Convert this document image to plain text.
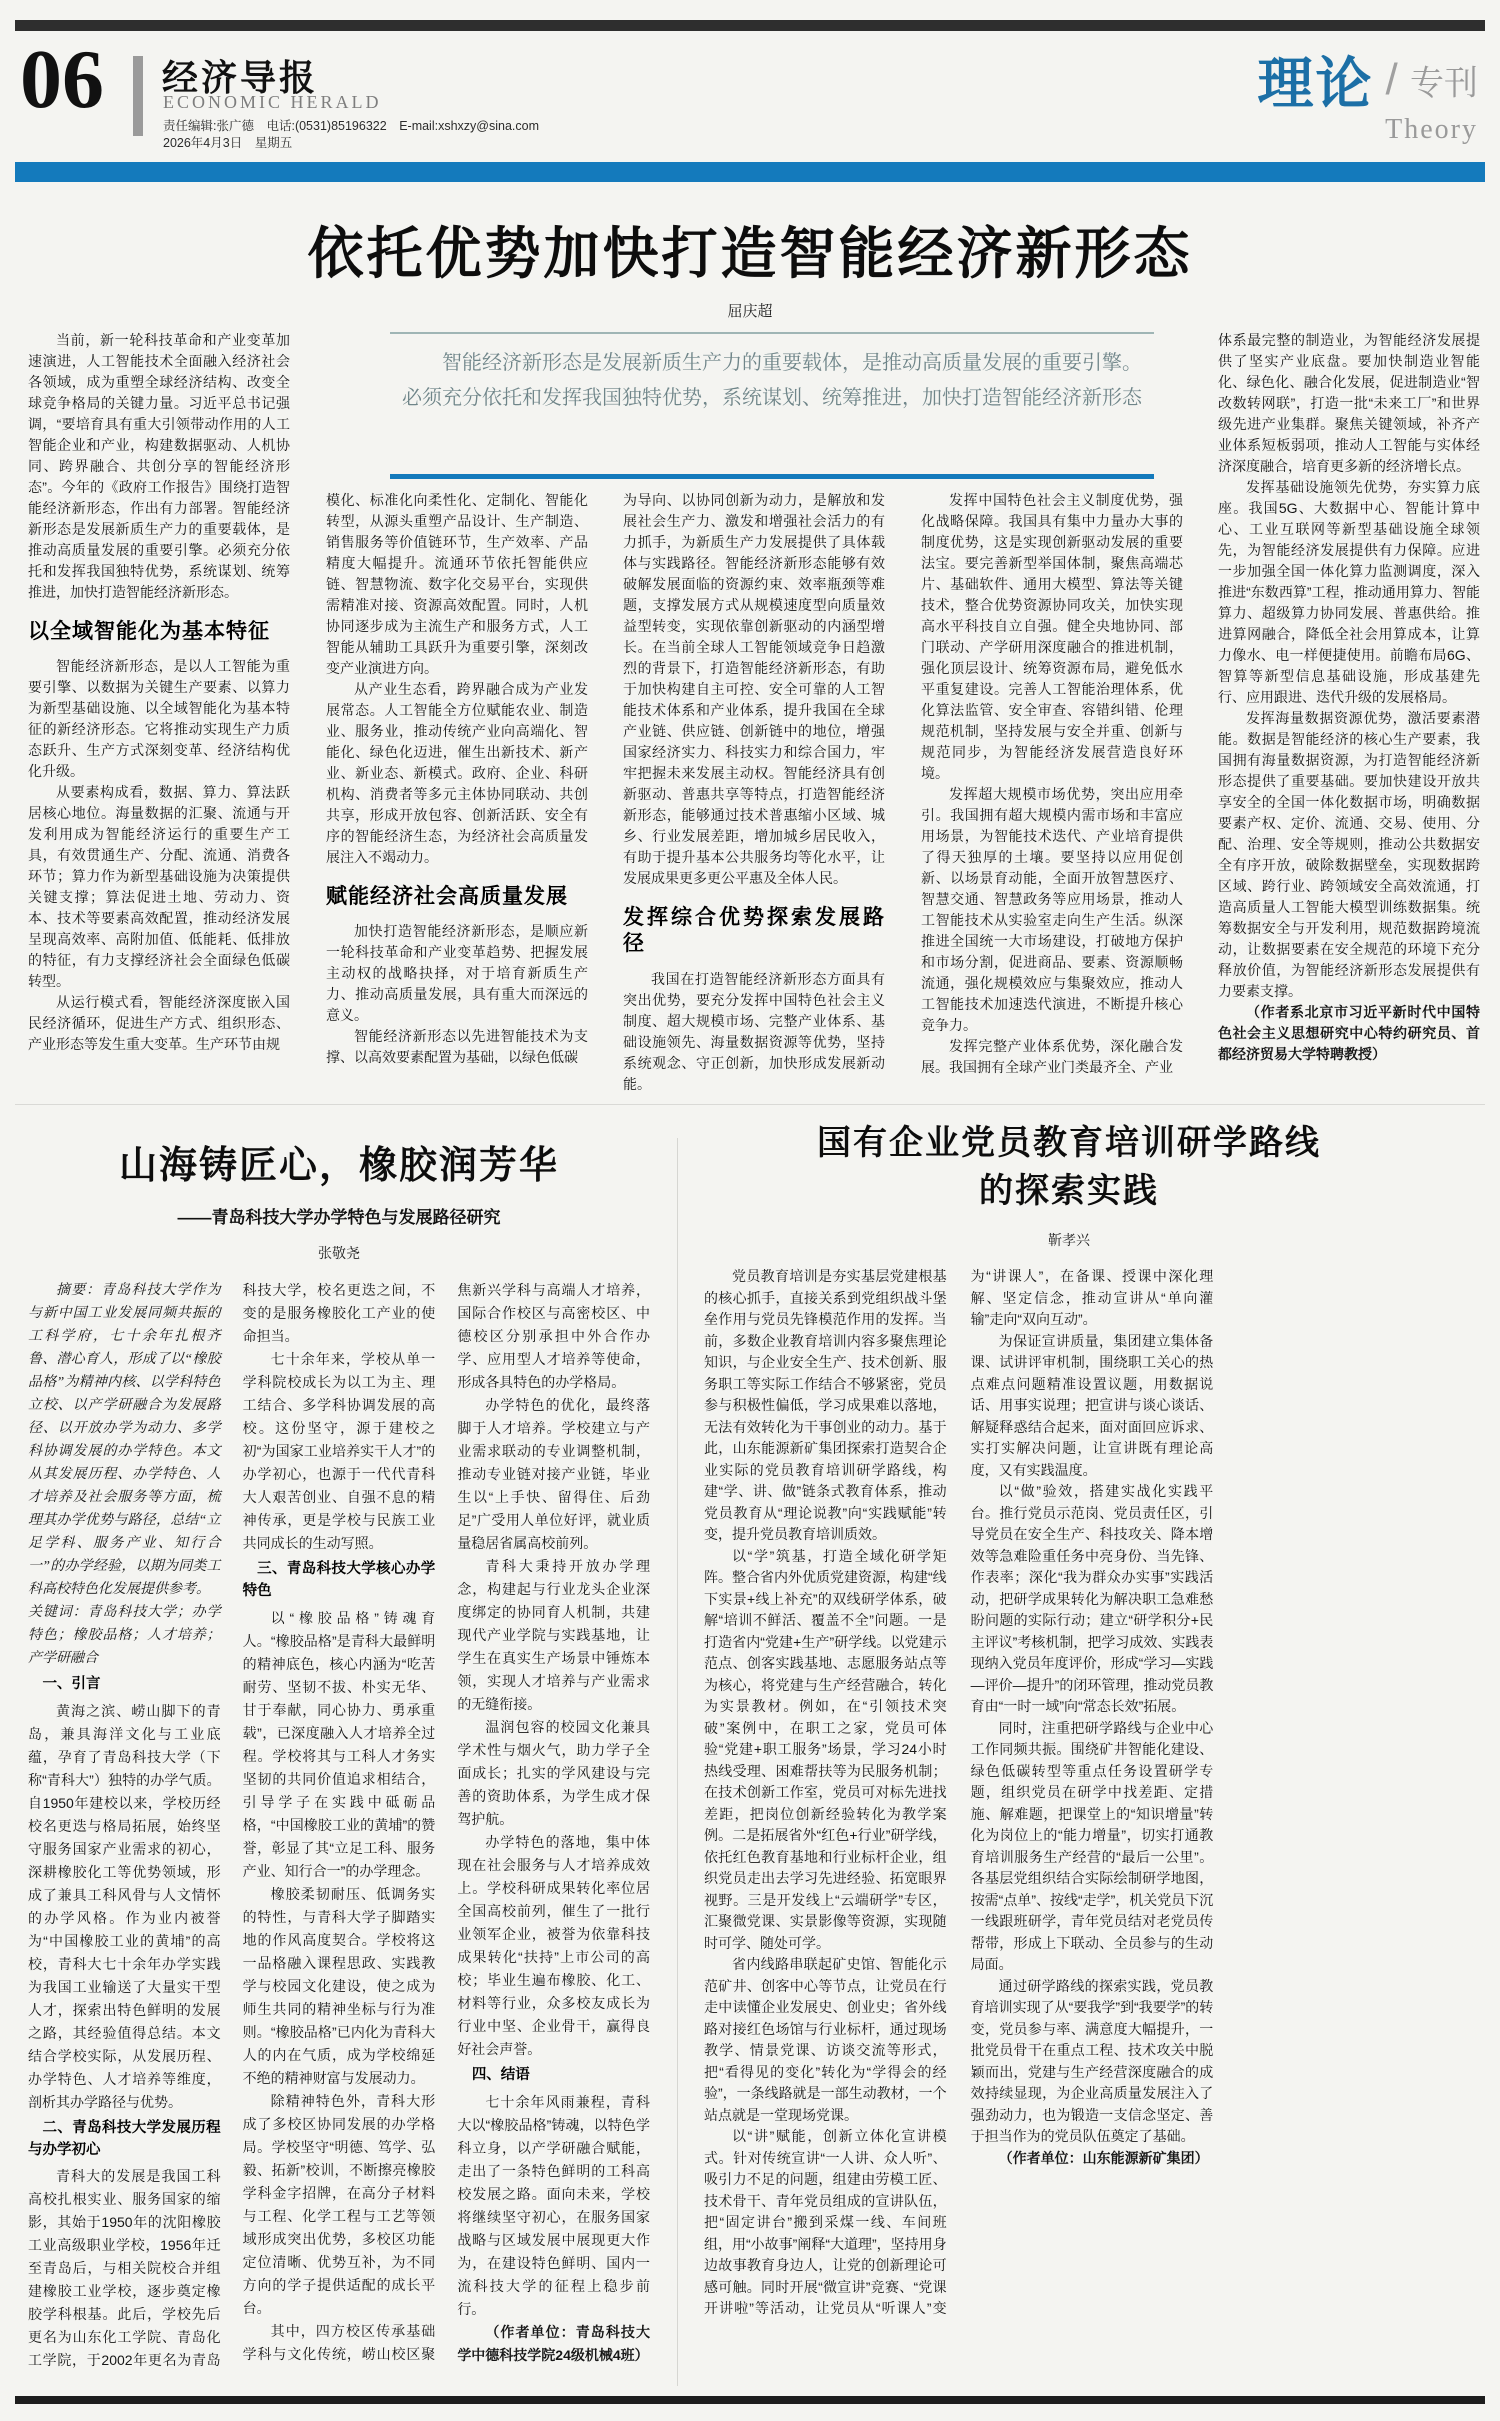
06 经济导报
ECONOMIC HERALD
责任编辑:张广德　电话:(0531)85196322　E-mail:xshxzy@sina.com
2026年4月3日　星期五
理论 / 专刊
Theory
依托优势加快打造智能经济新形态
屈庆超

当前，新一轮科技革命和产业变革加速演进，人工智能技术全面融入经济社会各领域，成为重塑全球经济结构、改变全球竞争格局的关键力量。习近平总书记强调，“要培育具有重大引领带动作用的人工智能企业和产业，构建数据驱动、人机协同、跨界融合、共创分享的智能经济形态”。今年的《政府工作报告》围绕打造智能经济新形态，作出有力部署。智能经济新形态是发展新质生产力的重要载体，是推动高质量发展的重要引擎。必须充分依托和发挥我国独特优势，系统谋划、统筹推进，加快打造智能经济新形态。

以全域智能化为基本特征

智能经济新形态，是以人工智能为重要引擎、以数据为关键生产要素、以算力为新型基础设施、以全域智能化为基本特征的新经济形态。它将推动实现生产力质态跃升、生产方式深刻变革、经济结构优化升级。

从要素构成看，数据、算力、算法跃居核心地位。海量数据的汇聚、流通与开发利用成为智能经济运行的重要生产工具，有效贯通生产、分配、流通、消费各环节；算力作为新型基础设施为决策提供关键支撑；算法促进土地、劳动力、资本、技术等要素高效配置，推动经济发展呈现高效率、高附加值、低能耗、低排放的特征，有力支撑经济社会全面绿色低碳转型。

从运行模式看，智能经济深度嵌入国民经济循环，促进生产方式、组织形态、产业形态等发生重大变革。生产环节由规

智能经济新形态是发展新质生产力的重要载体，是推动高质量发展的重要引擎。必须充分依托和发挥我国独特优势，系统谋划、统筹推进，加快打造智能经济新形态

模化、标准化向柔性化、定制化、智能化转型，从源头重塑产品设计、生产制造、销售服务等价值链环节，生产效率、产品精度大幅提升。流通环节依托智能供应链、智慧物流、数字化交易平台，实现供需精准对接、资源高效配置。同时，人机协同逐步成为主流生产和服务方式，人工智能从辅助工具跃升为重要引擎，深刻改变产业演进方向。

从产业生态看，跨界融合成为产业发展常态。人工智能全方位赋能农业、制造业、服务业，推动传统产业向高端化、智能化、绿色化迈进，催生出新技术、新产业、新业态、新模式。政府、企业、科研机构、消费者等多元主体协同联动、共创共享，形成开放包容、创新活跃、安全有序的智能经济生态，为经济社会高质量发展注入不竭动力。

赋能经济社会高质量发展

加快打造智能经济新形态，是顺应新一轮科技革命和产业变革趋势、把握发展主动权的战略抉择，对于培育新质生产力、推动高质量发展，具有重大而深远的意义。

智能经济新形态以先进智能技术为支撑、以高效要素配置为基础，以绿色低碳

为导向、以协同创新为动力，是解放和发展社会生产力、激发和增强社会活力的有力抓手，为新质生产力发展提供了具体载体与实践路径。智能经济新形态能够有效破解发展面临的资源约束、效率瓶颈等难题，支撑发展方式从规模速度型向质量效益型转变，实现依靠创新驱动的内涵型增长。在当前全球人工智能领域竞争日趋激烈的背景下，打造智能经济新形态，有助于加快构建自主可控、安全可靠的人工智能技术体系和产业体系，提升我国在全球产业链、供应链、创新链中的地位，增强国家经济实力、科技实力和综合国力，牢牢把握未来发展主动权。智能经济具有创新驱动、普惠共享等特点，打造智能经济新形态，能够通过技术普惠缩小区域、城乡、行业发展差距，增加城乡居民收入，有助于提升基本公共服务均等化水平，让发展成果更多更公平惠及全体人民。

发挥综合优势探索发展路径

我国在打造智能经济新形态方面具有突出优势，要充分发挥中国特色社会主义制度、超大规模市场、完整产业体系、基础设施领先、海量数据资源等优势，坚持系统观念、守正创新，加快形成发展新动能。

发挥中国特色社会主义制度优势，强化战略保障。我国具有集中力量办大事的制度优势，这是实现创新驱动发展的重要法宝。要完善新型举国体制，聚焦高端芯片、基础软件、通用大模型、算法等关键技术，整合优势资源协同攻关，加快实现高水平科技自立自强。健全央地协同、部门联动、产学研用深度融合的推进机制，强化顶层设计、统筹资源布局，避免低水平重复建设。完善人工智能治理体系，优化算法监管、安全审查、容错纠错、伦理规范机制，坚持发展与安全并重、创新与规范同步，为智能经济发展营造良好环境。

发挥超大规模市场优势，突出应用牵引。我国拥有超大规模内需市场和丰富应用场景，为智能技术迭代、产业培育提供了得天独厚的土壤。要坚持以应用促创新、以场景育动能，全面开放智慧医疗、智慧交通、智慧政务等应用场景，推动人工智能技术从实验室走向生产生活。纵深推进全国统一大市场建设，打破地方保护和市场分割，促进商品、要素、资源顺畅流通，强化规模效应与集聚效应，推动人工智能技术加速迭代演进，不断提升核心竞争力。

发挥完整产业体系优势，深化融合发展。我国拥有全球产业门类最齐全、产业

体系最完整的制造业，为智能经济发展提供了坚实产业底盘。要加快制造业智能化、绿色化、融合化发展，促进制造业“智改数转网联”，打造一批“未来工厂”和世界级先进产业集群。聚焦关键领域，补齐产业体系短板弱项，推动人工智能与实体经济深度融合，培育更多新的经济增长点。

发挥基础设施领先优势，夯实算力底座。我国5G、大数据中心、智能计算中心、工业互联网等新型基础设施全球领先，为智能经济发展提供有力保障。应进一步加强全国一体化算力监测调度，深入推进“东数西算”工程，推动通用算力、智能算力、超级算力协同发展、普惠供给。推进算网融合，降低全社会用算成本，让算力像水、电一样便捷使用。前瞻布局6G、智算等新型信息基础设施，形成基建先行、应用跟进、迭代升级的发展格局。

发挥海量数据资源优势，激活要素潜能。数据是智能经济的核心生产要素，我国拥有海量数据资源，为打造智能经济新形态提供了重要基础。要加快建设开放共享安全的全国一体化数据市场，明确数据要素产权、定价、流通、交易、使用、分配、治理、安全等规则，推动公共数据安全有序开放，破除数据壁垒，实现数据跨区域、跨行业、跨领域安全高效流通，打造高质量人工智能大模型训练数据集。统筹数据安全与开发利用，规范数据跨境流动，让数据要素在安全规范的环境下充分释放价值，为智能经济新形态发展提供有力要素支撑。

（作者系北京市习近平新时代中国特色社会主义思想研究中心特约研究员、首都经济贸易大学特聘教授）

山海铸匠心，橡胶润芳华
——青岛科技大学办学特色与发展路径研究
张敬尧

摘要：青岛科技大学作为与新中国工业发展同频共振的工科学府，七十余年扎根齐鲁、潜心育人，形成了以“橡胶品格”为精神内核、以学科特色立校、以产学研融合为发展路径、以开放办学为动力、多学科协调发展的办学特色。本文从其发展历程、办学特色、人才培养及社会服务等方面，梳理其办学优势与路径，总结“立足学科、服务产业、知行合一”的办学经验，以期为同类工科高校特色化发展提供参考。

关键词：青岛科技大学；办学特色；橡胶品格；人才培养；产学研融合

一、引言

黄海之滨、崂山脚下的青岛，兼具海洋文化与工业底蕴，孕育了青岛科技大学（下称“青科大”）独特的办学气质。自1950年建校以来，学校历经校名更迭与格局拓展，始终坚守服务国家产业需求的初心，深耕橡胶化工等优势领域，形成了兼具工科风骨与人文情怀的办学风格。作为业内被誉为“中国橡胶工业的黄埔”的高校，青科大七十余年办学实践为我国工业输送了大量实干型人才，探索出特色鲜明的发展之路，其经验值得总结。本文结合学校实际，从发展历程、办学特色、人才培养等维度，剖析其办学路径与优势。

二、青岛科技大学发展历程与办学初心

青科大的发展是我国工科高校扎根实业、服务国家的缩影，其始于1950年的沈阳橡胶工业高级职业学校，1956年迁至青岛后，与相关院校合并组建橡胶工业学校，逐步奠定橡胶学科根基。此后，学校先后更名为山东化工学院、青岛化工学院，于2002年更名为青岛科技大学，校名更迭之间，不变的是服务橡胶化工产业的使命担当。

七十余年来，学校从单一学科院校成长为以工为主、理工结合、多学科协调发展的高校。这份坚守，源于建校之初“为国家工业培养实干人才”的办学初心，也源于一代代青科大人艰苦创业、自强不息的精神传承，更是学校与民族工业共同成长的生动写照。

三、青岛科技大学核心办学特色

以“橡胶品格”铸魂育人。“橡胶品格”是青科大最鲜明的精神底色，核心内涵为“吃苦耐劳、坚韧不拔、朴实无华、甘于奉献，同心协力、勇承重载”，已深度融入人才培养全过程。学校将其与工科人才务实坚韧的共同价值追求相结合，引导学子在实践中砥砺品格，“中国橡胶工业的黄埔”的赞誉，彰显了其“立足工科、服务产业、知行合一”的办学理念。

橡胶柔韧耐压、低调务实的特性，与青科大学子脚踏实地的作风高度契合。学校将这一品格融入课程思政、实践教学与校园文化建设，使之成为师生共同的精神坐标与行为准则。“橡胶品格”已内化为青科大人的内在气质，成为学校绵延不绝的精神财富与发展动力。

除精神特色外，青科大形成了多校区协同发展的办学格局。学校坚守“明德、笃学、弘毅、拓新”校训，不断擦亮橡胶学科金字招牌，在高分子材料与工程、化学工程与工艺等领域形成突出优势，多校区功能定位清晰、优势互补，为不同方向的学子提供适配的成长平台。

其中，四方校区传承基础学科与文化传统，崂山校区聚焦新兴学科与高端人才培养，国际合作校区与高密校区、中德校区分别承担中外合作办学、应用型人才培养等使命，形成各具特色的办学格局。

办学特色的优化，最终落脚于人才培养。学校建立与产业需求联动的专业调整机制，推动专业链对接产业链，毕业生以“上手快、留得住、后劲足”广受用人单位好评，就业质量稳居省属高校前列。

青科大秉持开放办学理念，构建起与行业龙头企业深度绑定的协同育人机制，共建现代产业学院与实践基地，让学生在真实生产场景中锤炼本领，实现人才培养与产业需求的无缝衔接。

温润包容的校园文化兼具学术性与烟火气，助力学子全面成长；扎实的学风建设与完善的资助体系，为学生成才保驾护航。

办学特色的落地，集中体现在社会服务与人才培养成效上。学校科研成果转化率位居全国高校前列，催生了一批行业领军企业，被誉为依靠科技成果转化“扶持”上市公司的高校；毕业生遍布橡胶、化工、材料等行业，众多校友成长为行业中坚、企业骨干，赢得良好社会声誉。

四、结语

七十余年风雨兼程，青科大以“橡胶品格”铸魂，以特色学科立身，以产学研融合赋能，走出了一条特色鲜明的工科高校发展之路。面向未来，学校将继续坚守初心，在服务国家战略与区域发展中展现更大作为，在建设特色鲜明、国内一流科技大学的征程上稳步前行。

（作者单位：青岛科技大学中德科技学院24级机械4班）

国有企业党员教育培训研学路线
的探索实践
靳孝兴

党员教育培训是夯实基层党建根基的核心抓手，直接关系到党组织战斗堡垒作用与党员先锋模范作用的发挥。当前，多数企业教育培训内容多聚焦理论知识，与企业安全生产、技术创新、服务职工等实际工作结合不够紧密，党员参与积极性偏低，学习成果难以落地，无法有效转化为干事创业的动力。基于此，山东能源新矿集团探索打造契合企业实际的党员教育培训研学路线，构建“学、讲、做”链条式教育体系，推动党员教育从“理论说教”向“实践赋能”转变，提升党员教育培训质效。

以“学”筑基，打造全域化研学矩阵。整合省内外优质党建资源，构建“线下实景+线上补充”的双线研学体系，破解“培训不鲜活、覆盖不全”问题。一是打造省内“党建+生产”研学线。以党建示范点、创客实践基地、志愿服务站点等为核心，将党建与生产经营融合，转化为实景教材。例如，在“引领技术突破”案例中，在职工之家，党员可体验“党建+职工服务”场景，学习24小时热线受理、困难帮扶等为民服务机制；在技术创新工作室，党员可对标先进找差距，把岗位创新经验转化为教学案例。二是拓展省外“红色+行业”研学线，依托红色教育基地和行业标杆企业，组织党员走出去学习先进经验、拓宽眼界视野。三是开发线上“云端研学”专区，汇聚微党课、实景影像等资源，实现随时可学、随处可学。

省内线路串联起矿史馆、智能化示范矿井、创客中心等节点，让党员在行走中读懂企业发展史、创业史；省外线路对接红色场馆与行业标杆，通过现场教学、情景党课、访谈交流等形式，把“看得见的变化”转化为“学得会的经验”，一条线路就是一部生动教材，一个站点就是一堂现场党课。

以“讲”赋能，创新立体化宣讲模式。针对传统宣讲“一人讲、众人听”、吸引力不足的问题，组建由劳模工匠、技术骨干、青年党员组成的宣讲队伍，把“固定讲台”搬到采煤一线、车间班组，用“小故事”阐释“大道理”，坚持用身边故事教育身边人，让党的创新理论可感可触。同时开展“微宣讲”竞赛、“党课开讲啦”等活动，让党员从“听课人”变为“讲课人”，在备课、授课中深化理解、坚定信念，推动宣讲从“单向灌输”走向“双向互动”。

为保证宣讲质量，集团建立集体备课、试讲评审机制，围绕职工关心的热点难点问题精准设置议题，用数据说话、用事实说理；把宣讲与谈心谈话、解疑释惑结合起来，面对面回应诉求、实打实解决问题，让宣讲既有理论高度，又有实践温度。

以“做”验效，搭建实战化实践平台。推行党员示范岗、党员责任区，引导党员在安全生产、科技攻关、降本增效等急难险重任务中亮身份、当先锋、作表率；深化“我为群众办实事”实践活动，把研学成果转化为解决职工急难愁盼问题的实际行动；建立“研学积分+民主评议”考核机制，把学习成效、实践表现纳入党员年度评价，形成“学习—实践—评价—提升”的闭环管理，推动党员教育由“一时一域”向“常态长效”拓展。

同时，注重把研学路线与企业中心工作同频共振。围绕矿井智能化建设、绿色低碳转型等重点任务设置研学专题，组织党员在研学中找差距、定措施、解难题，把课堂上的“知识增量”转化为岗位上的“能力增量”，切实打通教育培训服务生产经营的“最后一公里”。各基层党组织结合实际绘制研学地图，按需“点单”、按线“走学”，机关党员下沉一线跟班研学，青年党员结对老党员传帮带，形成上下联动、全员参与的生动局面。

通过研学路线的探索实践，党员教育培训实现了从“要我学”到“我要学”的转变，党员参与率、满意度大幅提升，一批党员骨干在重点工程、技术攻关中脱颖而出，党建与生产经营深度融合的成效持续显现，为企业高质量发展注入了强劲动力，也为锻造一支信念坚定、善于担当作为的党员队伍奠定了基础。

（作者单位：山东能源新矿集团）
